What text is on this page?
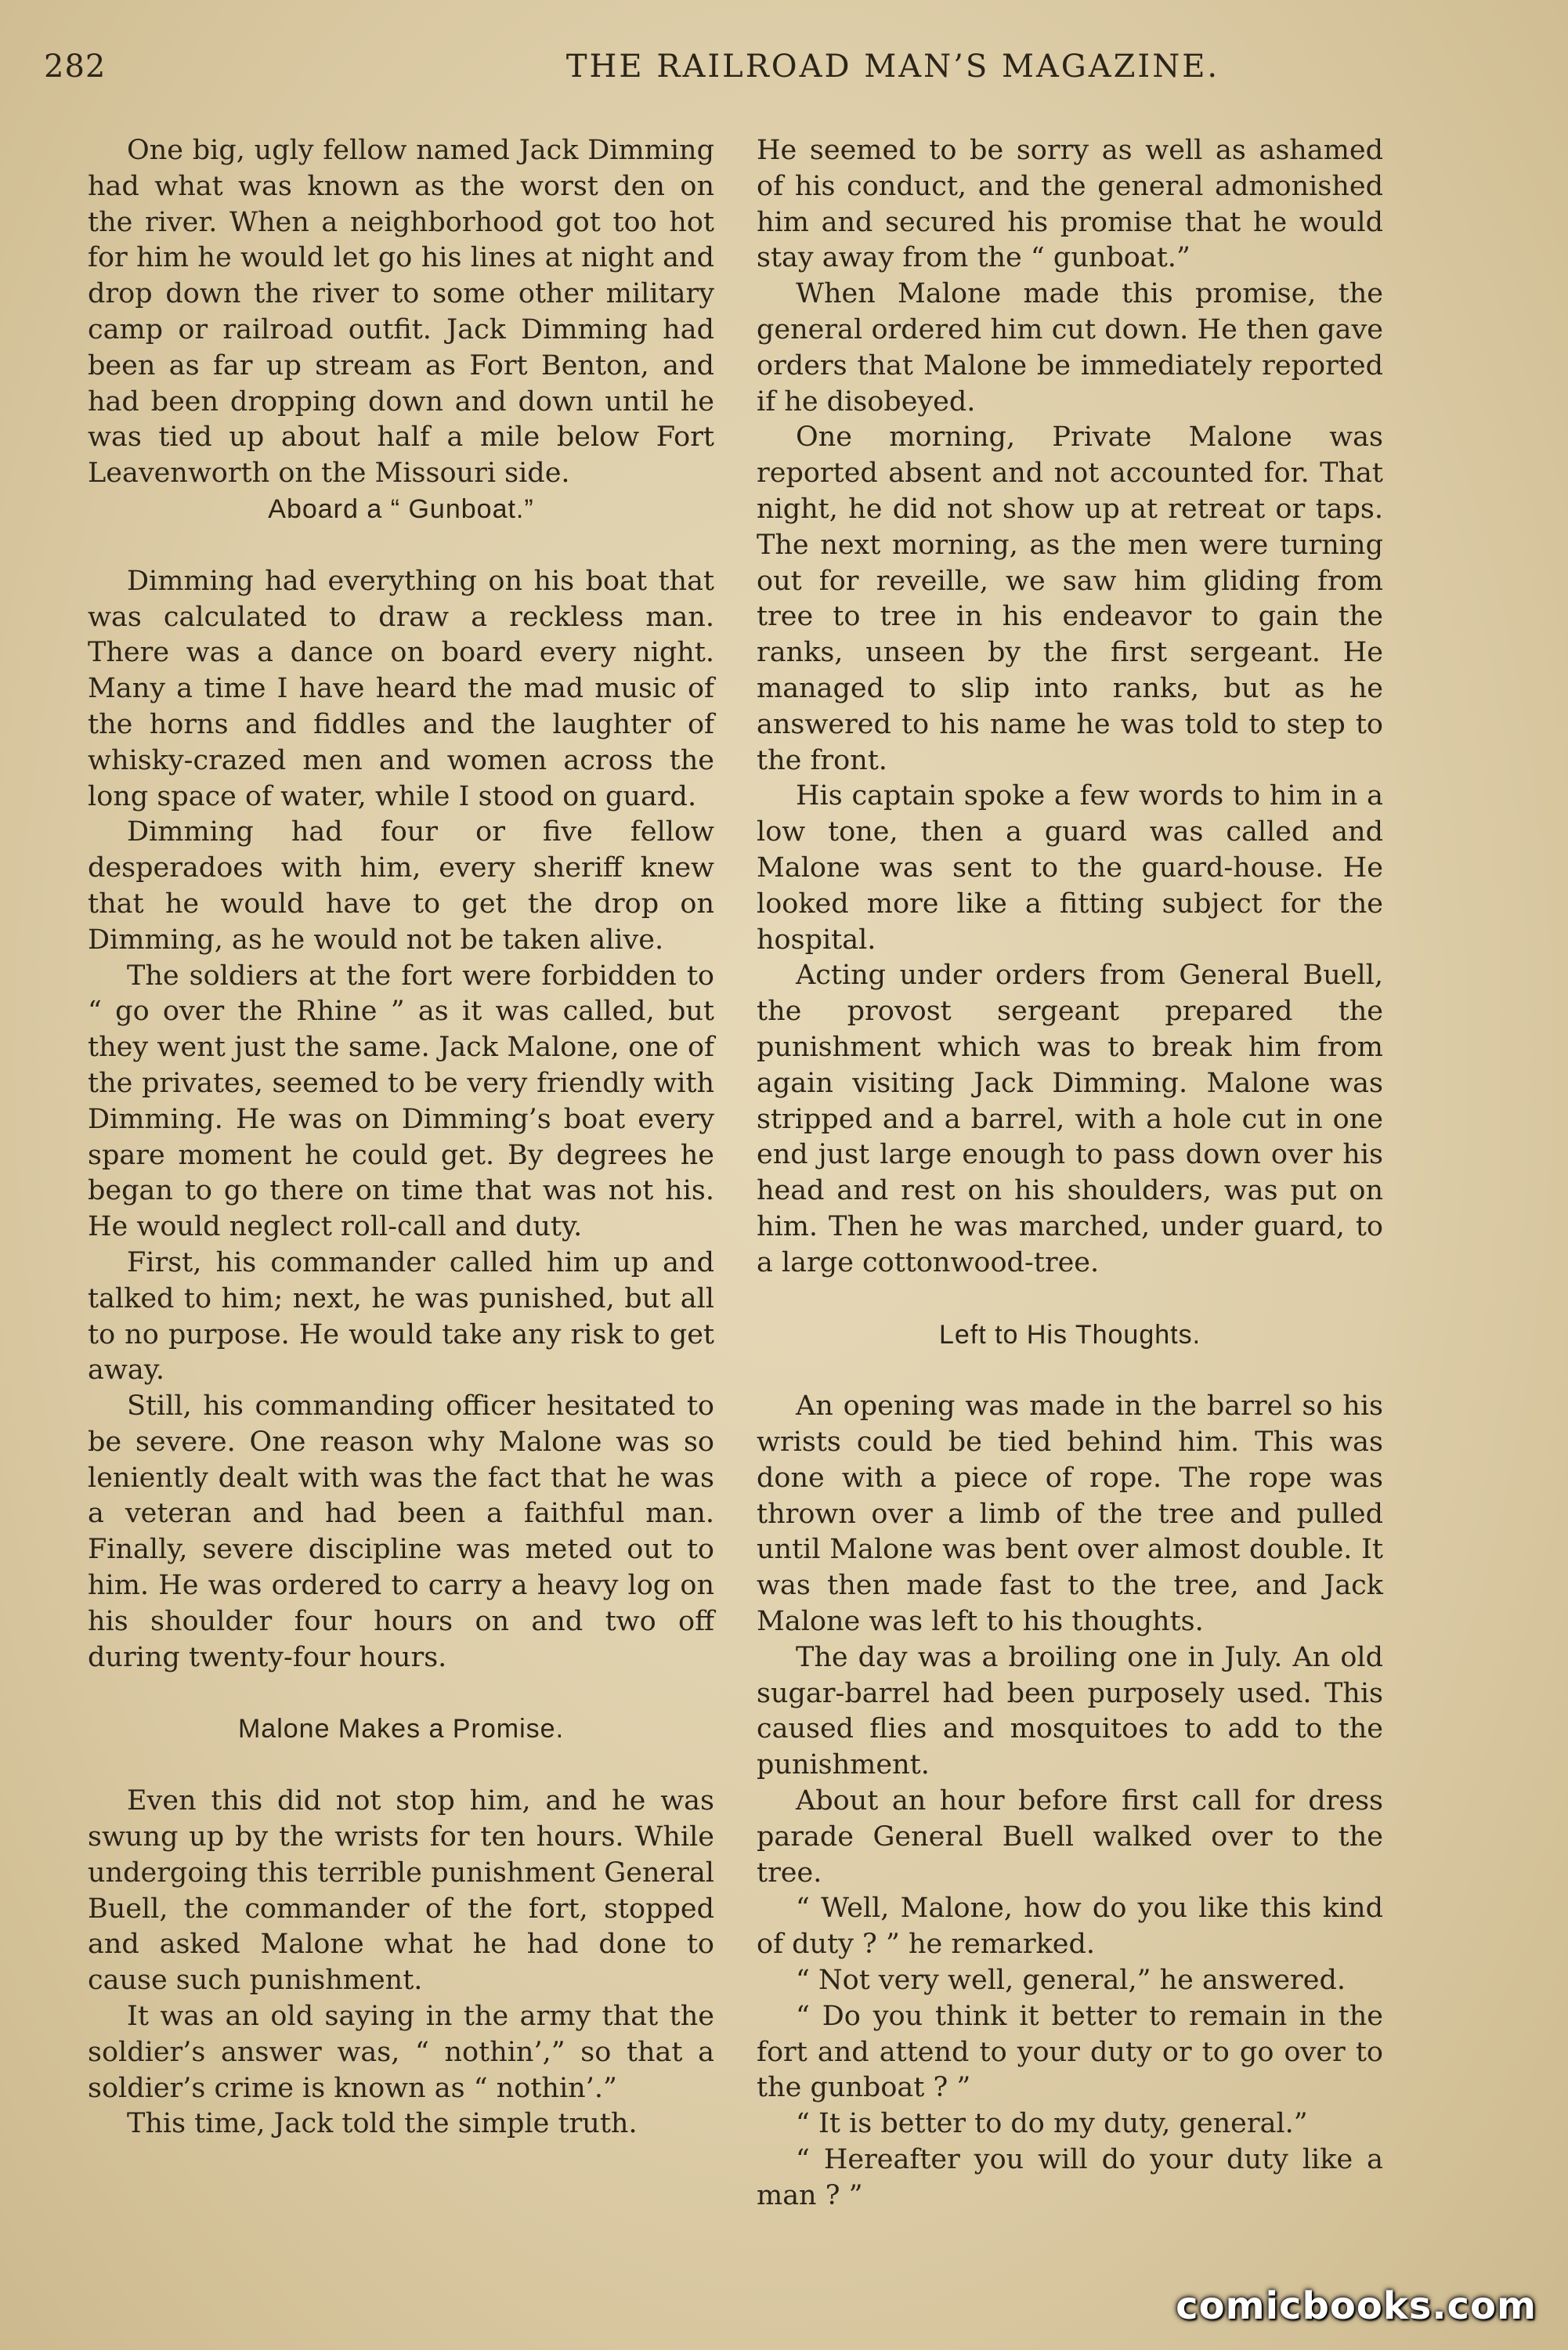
282	THE RAILROAD MAN’S MAGAZINE.

One big, ugly fellow named Jack Dimming had what was known as the worst den on the river. When a neighborhood got too hot for him he would let go his lines at night and drop down the river to some other military camp or railroad outfit. Jack Dimming had been as far up stream as Fort Benton, and had been dropping down and down until he was tied up about half a mile below Fort Leavenworth on the Missouri side.

Aboard a “ Gunboat.”

Dimming had everything on his boat that was calculated to draw a reckless man. There was a dance on board every night. Many a time I have heard the mad music of the horns and fiddles and the laughter of whisky-crazed men and women across the long space of water, while I stood on guard.

Dimming had four or five fellow desperadoes with him, every sheriff knew that he would have to get the drop on Dimming, as he would not be taken alive.

The soldiers at the fort were forbidden to “ go over the Rhine ” as it was called, but they went just the same. Jack Malone, one of the privates, seemed to be very friendly with Dimming. He was on Dimming’s boat every spare moment he could get. By degrees he began to go there on time that was not his. He would neglect roll-call and duty.

First, his commander called him up and talked to him; next, he was punished, but all to no purpose. He would take any risk to get away.

Still, his commanding officer hesitated to be severe. One reason why Malone was so leniently dealt with was the fact that he was a veteran and had been a faithful man. Finally, severe discipline was meted out to him. He was ordered to carry a heavy log on his shoulder four hours on and two off during twenty-four hours.

Malone Makes a Promise.

Even this did not stop him, and he was swung up by the wrists for ten hours. While undergoing this terrible punishment General Buell, the commander of the fort, stopped and asked Malone what he had done to cause such punishment.

It was an old saying in the army that the soldier’s answer was, “ nothin’,” so that a soldier’s crime is known as “ nothin’.”

This time, Jack told the simple truth.

He seemed to be sorry as well as ashamed of his conduct, and the general admonished him and secured his promise that he would stay away from the “ gunboat.”

When Malone made this promise, the general ordered him cut down. He then gave orders that Malone be immediately reported if he disobeyed.

One morning, Private Malone was reported absent and not accounted for. That night, he did not show up at retreat or taps. The next morning, as the men were turning out for reveille, we saw him gliding from tree to tree in his endeavor to gain the ranks, unseen by the first sergeant. He managed to slip into ranks, but as he answered to his name he was told to step to the front.

His captain spoke a few words to him in a low tone, then a guard was called and Malone was sent to the guard-house. He looked more like a fitting subject for the hospital.

Acting under orders from General Buell, the provost sergeant prepared the punishment which was to break him from again visiting Jack Dimming. Malone was stripped and a barrel, with a hole cut in one end just large enough to pass down over his head and rest on his shoulders, was put on him. Then he was marched, under guard, to a large cottonwood-tree.

Left to His Thoughts.

An opening was made in the barrel so his wrists could be tied behind him. This was done with a piece of rope. The rope was thrown over a limb of the tree and pulled until Malone was bent over almost double. It was then made fast to the tree, and Jack Malone was left to his thoughts.

The day was a broiling one in July. An old sugar-barrel had been purposely used. This caused flies and mosquitoes to add to the punishment.

About an hour before first call for dress parade General Buell walked over to the tree.

“ Well, Malone, how do you like this kind of duty ? ” he remarked.

“ Not very well, general,” he answered.

“ Do you think it better to remain in the fort and attend to your duty or to go over to the gunboat ? ”

“ It is better to do my duty, general.”

“ Hereafter you will do your duty like a man ? ”

comicbooks.com
